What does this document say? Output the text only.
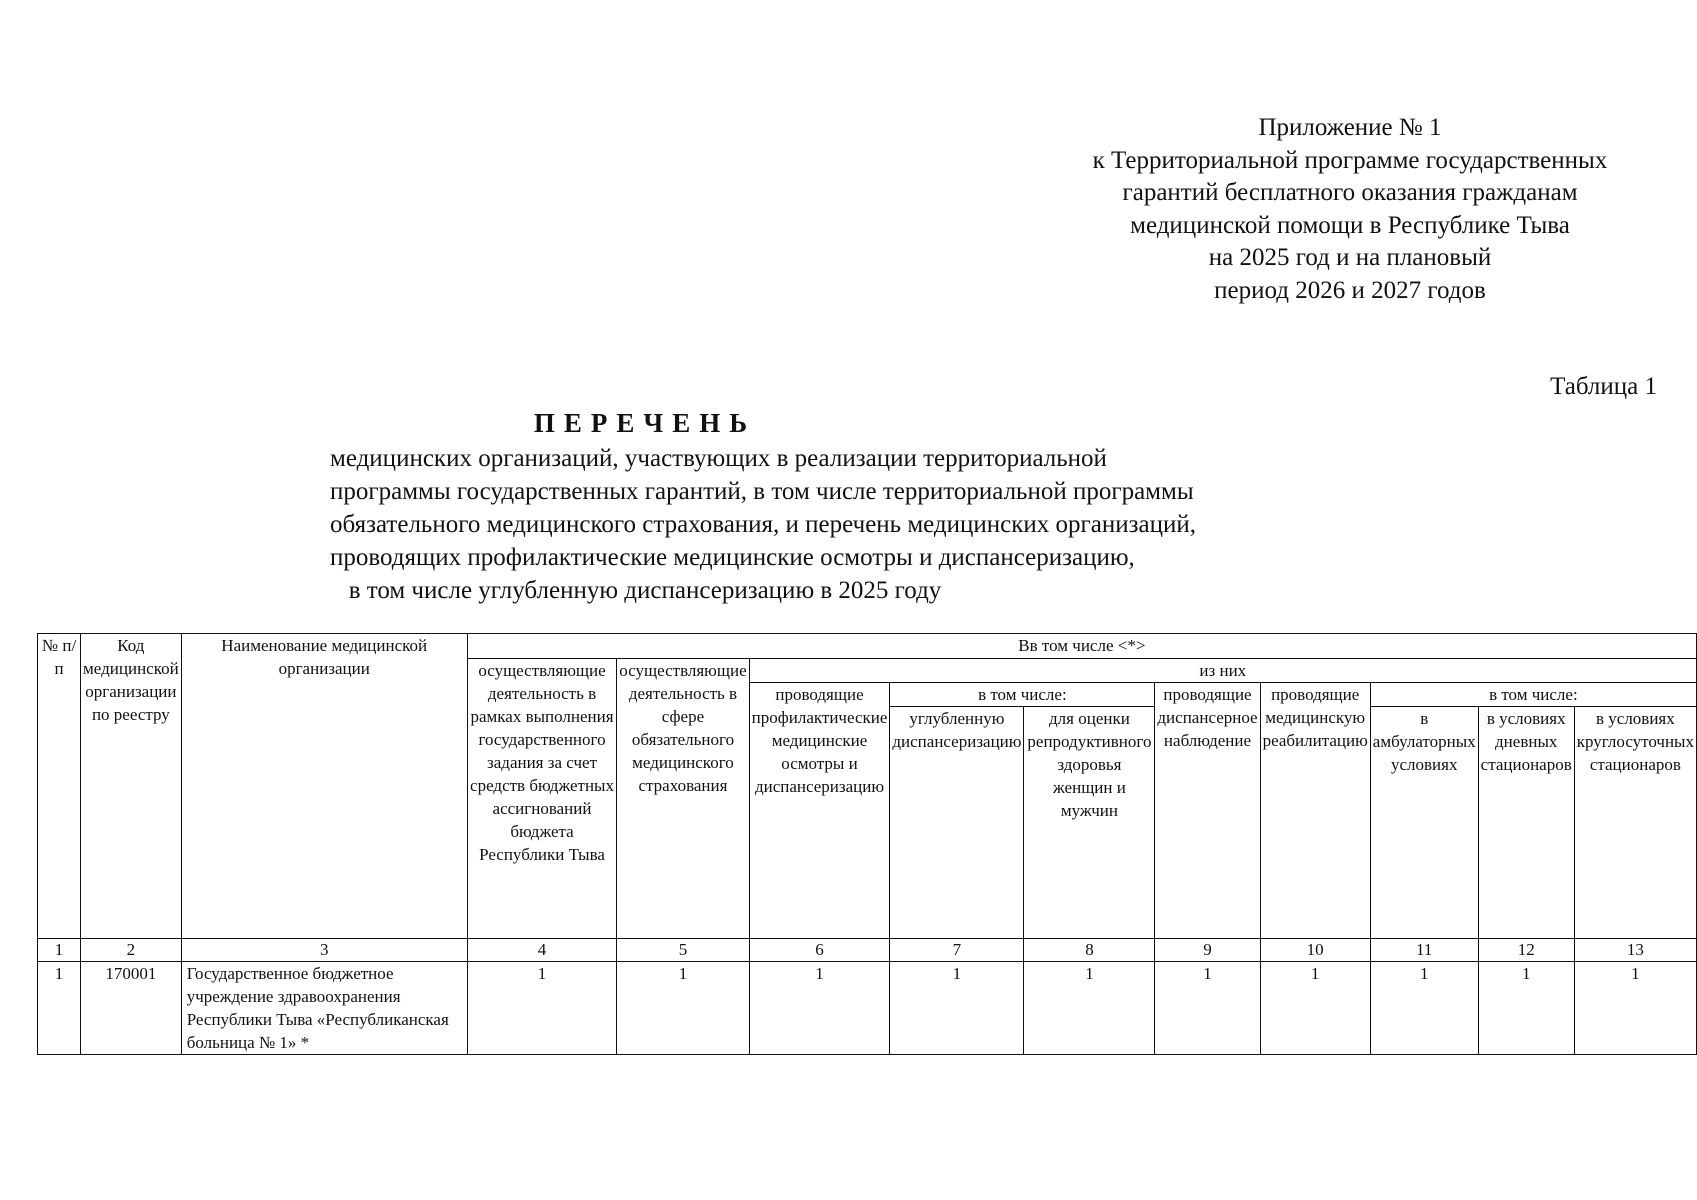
Приложение № 1
к Территориальной программе государственных
гарантий бесплатного оказания гражданам
медицинской помощи в Республике Тыва
на 2025 год и на плановый
период 2026 и 2027 годов
Таблица 1
ПЕРЕЧЕНЬ
медицинских организаций, участвующих в реализации территориальной
программы государственных гарантий, в том числе территориальной программы
обязательного медицинского страхования, и перечень медицинских организаций,
проводящих профилактические медицинские осмотры и диспансеризацию,
в том числе углубленную диспансеризацию в 2025 году
№ п/п	Код медицинской организации по реестру	Наименование медицинской организации	Вв том числе <*>									
			осуществляющие деятельность в рамках выполнения государственного задания за счет средств бюджетных ассигнований бюджета Республики Тыва	осуществляющие деятельность в сфере обязательного медицинского страхования	из них							
					проводящие профилактические медицинские осмотры и диспансеризацию	в том числе:		проводящие диспансерное наблюдение	проводящие медицинскую реабилитацию	в том числе:		
						углубленную диспансеризацию	для оценки репродуктивного здоровья женщин и мужчин			в амбулаторных условиях	в условиях дневных стационаров	в условиях круглосуточных стационаров
1	2	3	4	5	6	7	8	9	10	11	12	13
1	170001	Государственное бюджетное учреждение здравоохранения Республики Тыва «Республиканская больница № 1» *	1	1	1	1	1	1	1	1	1	1
